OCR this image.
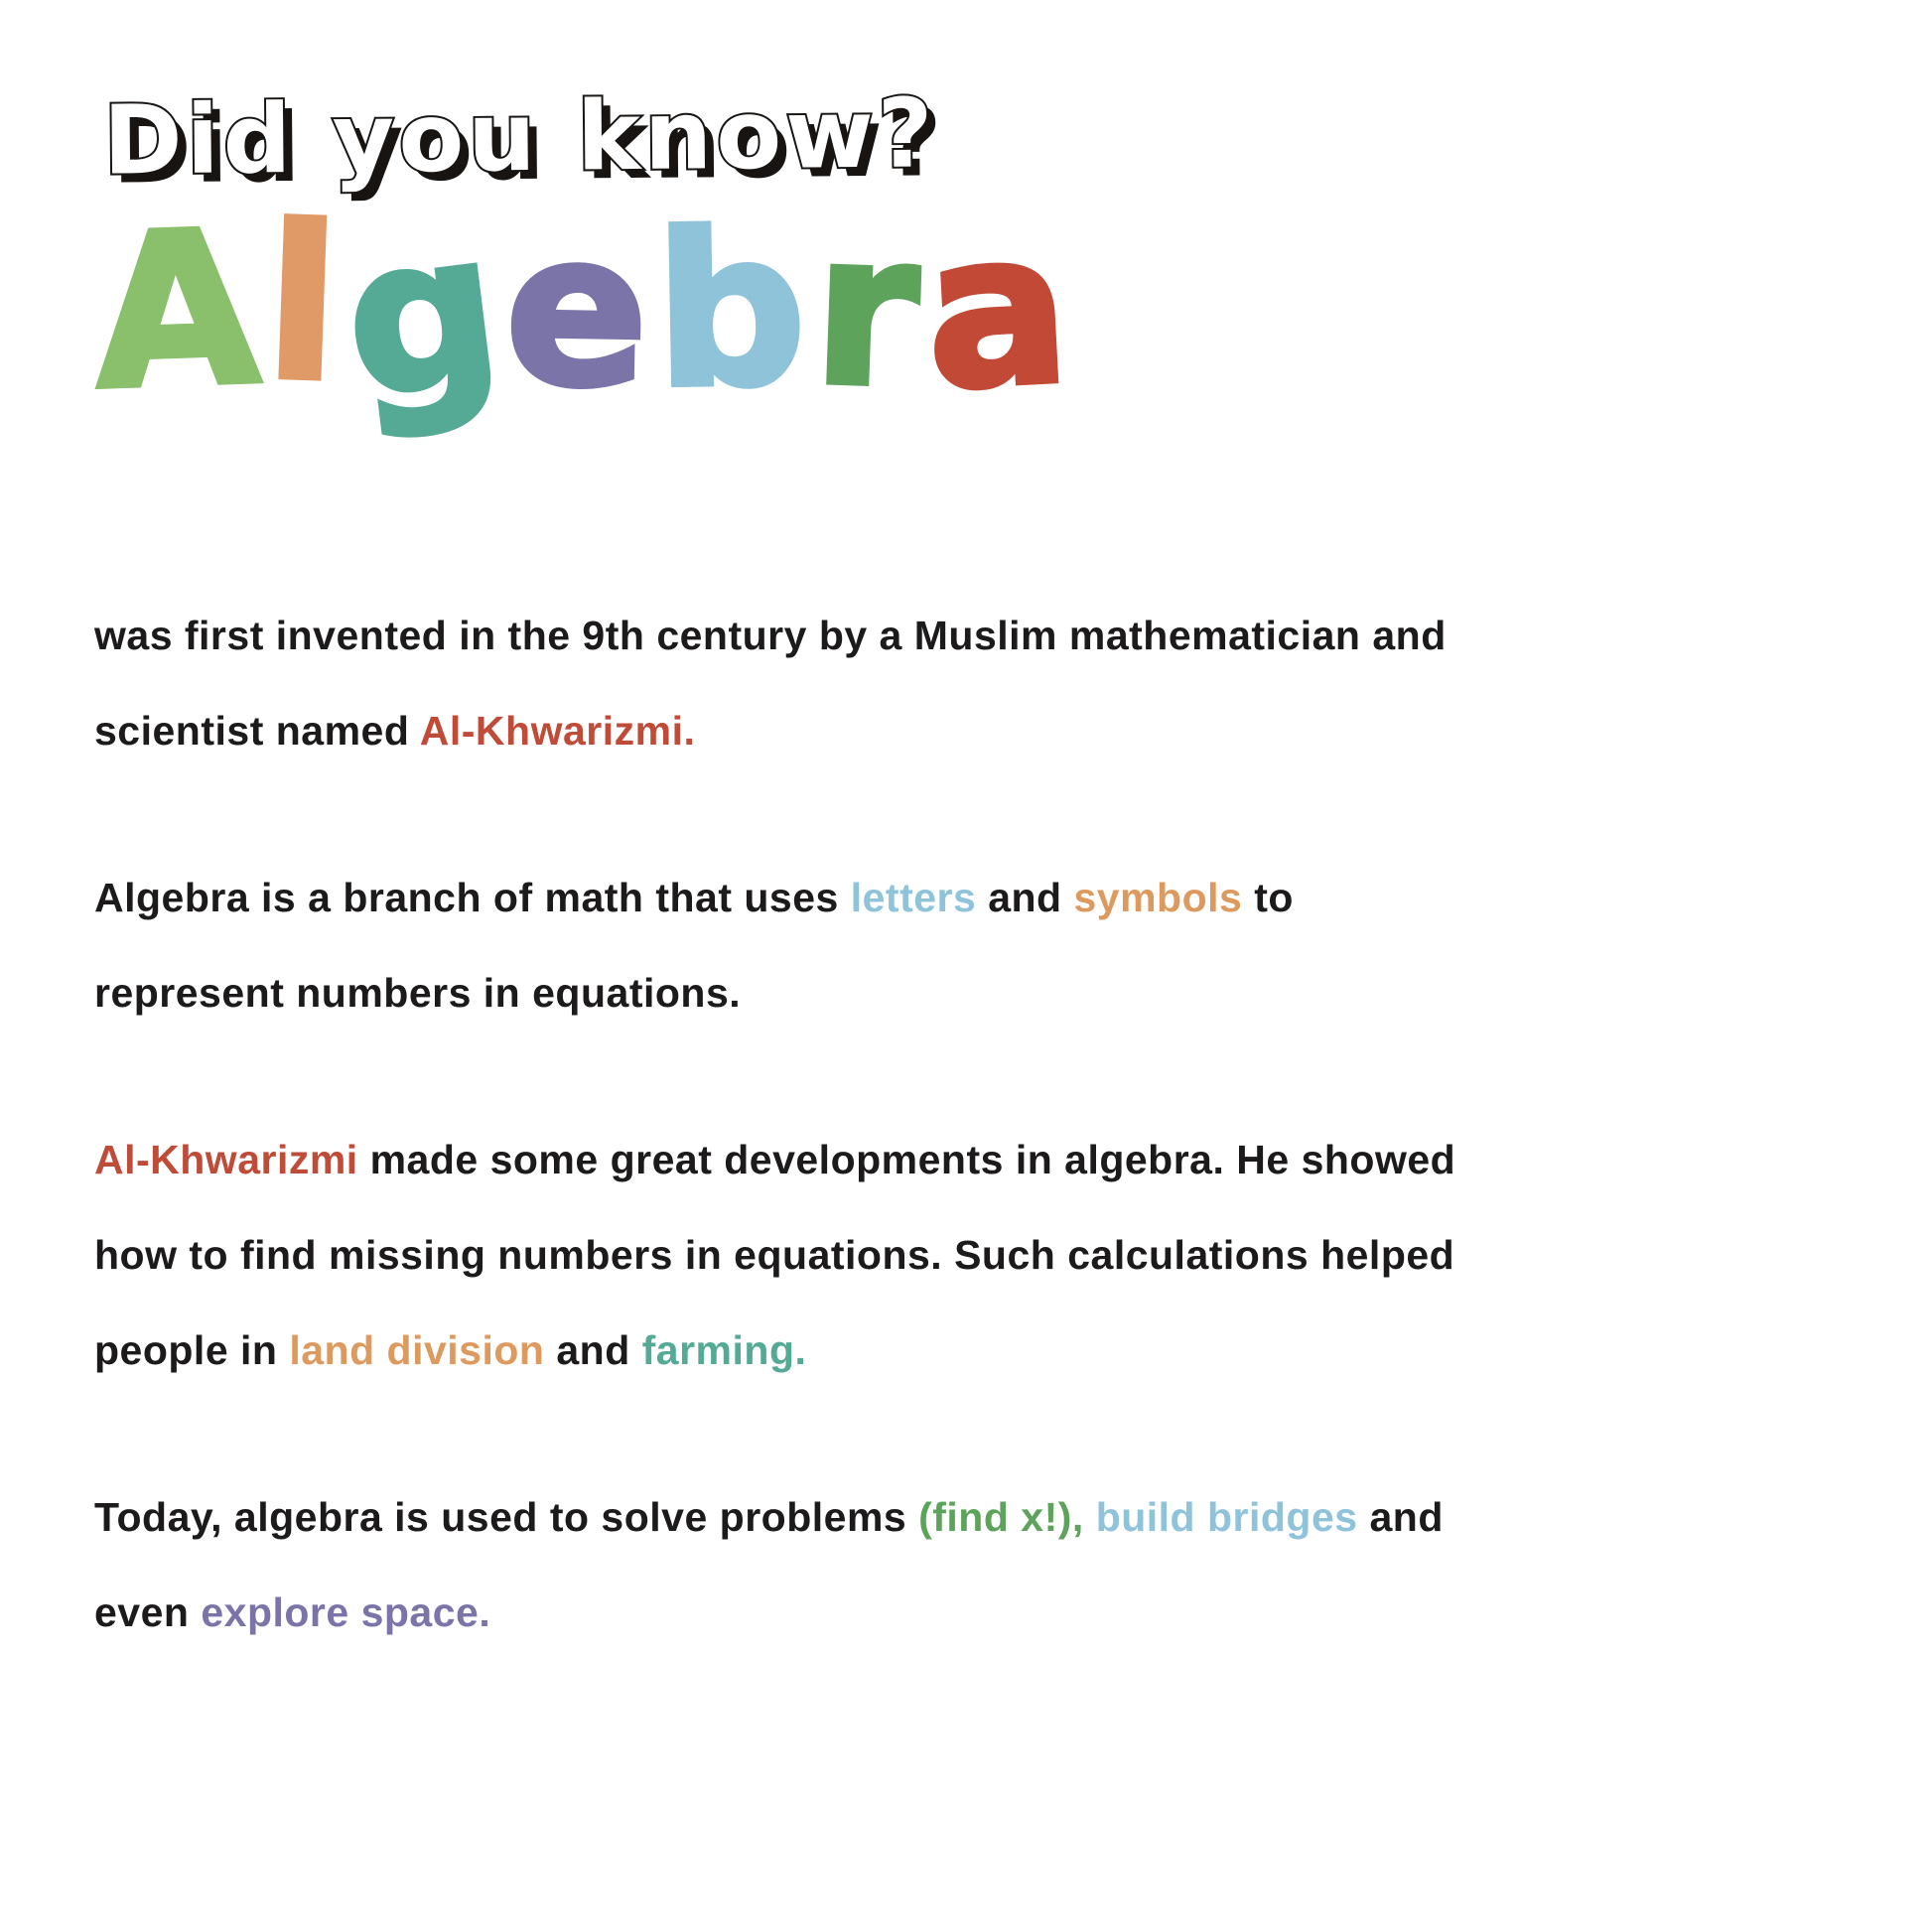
Did you know?
Algebra

was first invented in the 9th century by a Muslim mathematician and
scientist named Al-Khwarizmi.

Algebra is a branch of math that uses letters and symbols to
represent numbers in equations.

Al-Khwarizmi made some great developments in algebra. He showed
how to find missing numbers in equations. Such calculations helped
people in land division and farming.

Today, algebra is used to solve problems (find x!), build bridges and
even explore space.
